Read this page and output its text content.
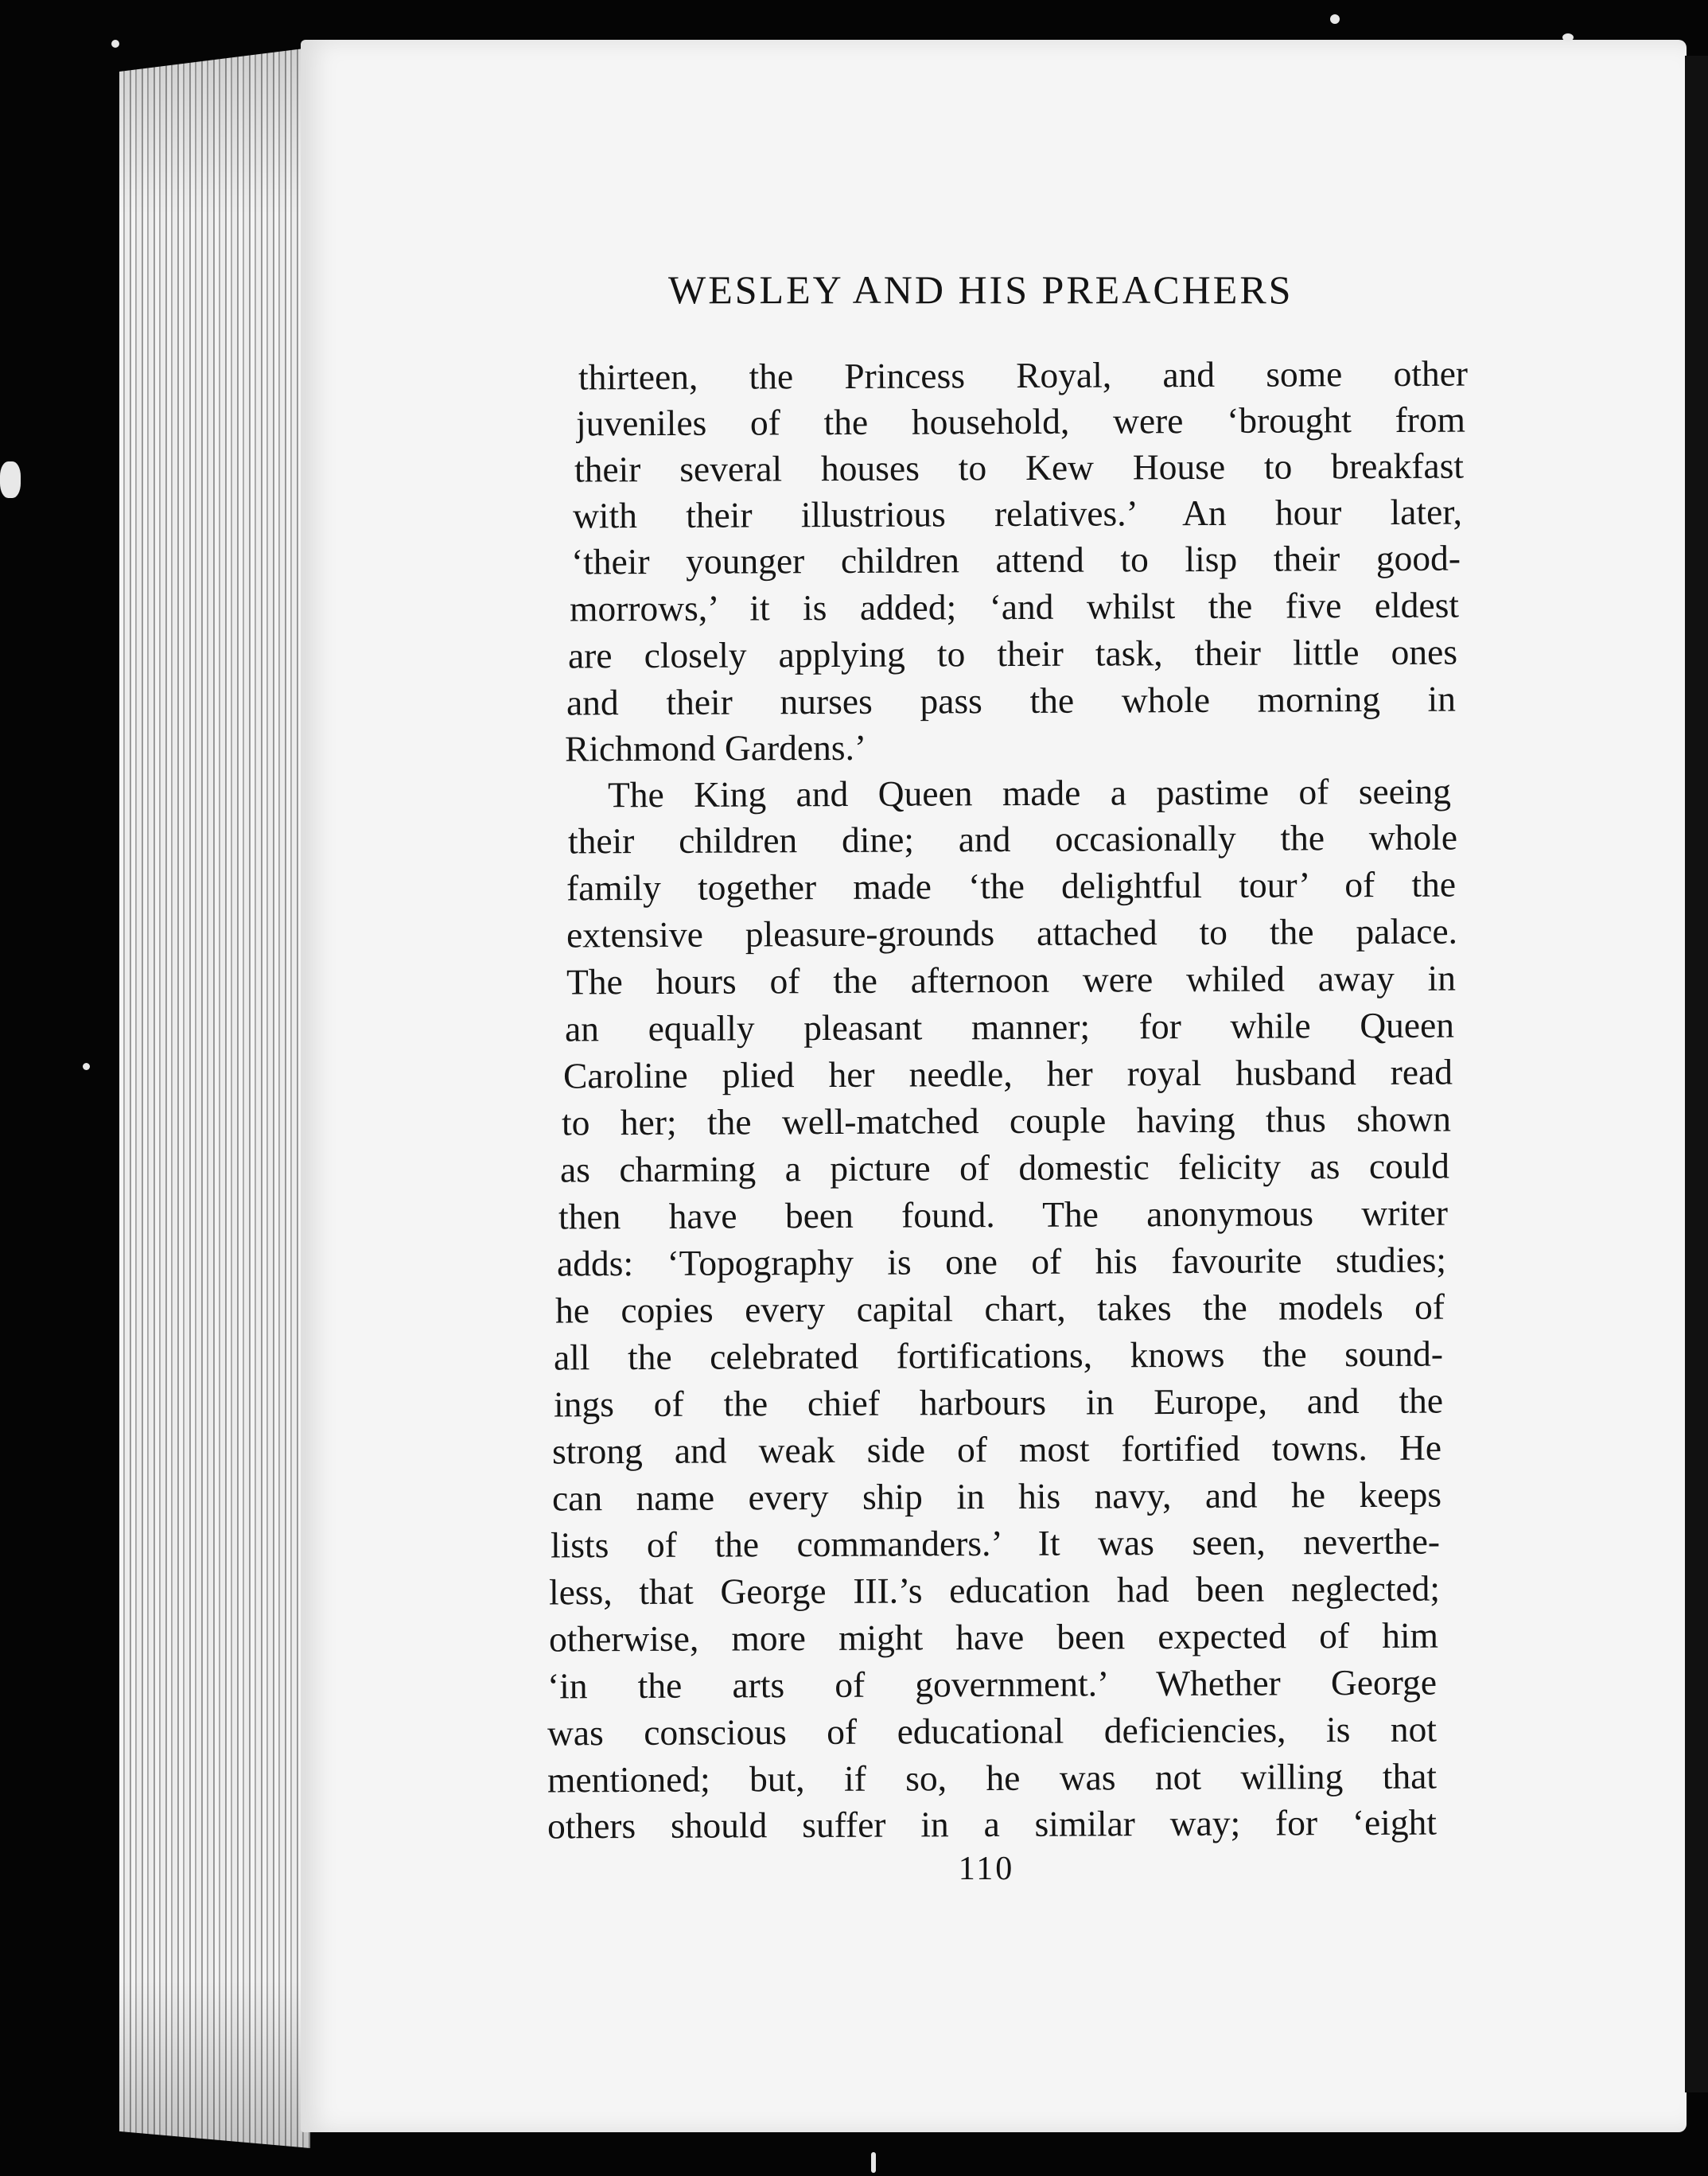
WESLEY AND HIS PREACHERS
thirteen, the Princess Royal, and some other
juveniles of the household, were ‘brought from
their several houses to Kew House to breakfast
with their illustrious relatives.’ An hour later,
‘their younger children attend to lisp their good-
morrows,’ it is added; ‘and whilst the five eldest
are closely applying to their task, their little ones
and their nurses pass the whole morning in
Richmond Gardens.’
The King and Queen made a pastime of seeing
their children dine; and occasionally the whole
family together made ‘the delightful tour’ of the
extensive pleasure-grounds attached to the palace.
The hours of the afternoon were whiled away in
an equally pleasant manner; for while Queen
Caroline plied her needle, her royal husband read
to her; the well-matched couple having thus shown
as charming a picture of domestic felicity as could
then have been found. The anonymous writer
adds: ‘Topography is one of his favourite studies;
he copies every capital chart, takes the models of
all the celebrated fortifications, knows the sound-
ings of the chief harbours in Europe, and the
strong and weak side of most fortified towns. He
can name every ship in his navy, and he keeps
lists of the commanders.’ It was seen, neverthe-
less, that George III.’s education had been neglected;
otherwise, more might have been expected of him
‘in the arts of government.’ Whether George
was conscious of educational deficiencies, is not
mentioned; but, if so, he was not willing that
others should suffer in a similar way; for ‘eight
110
